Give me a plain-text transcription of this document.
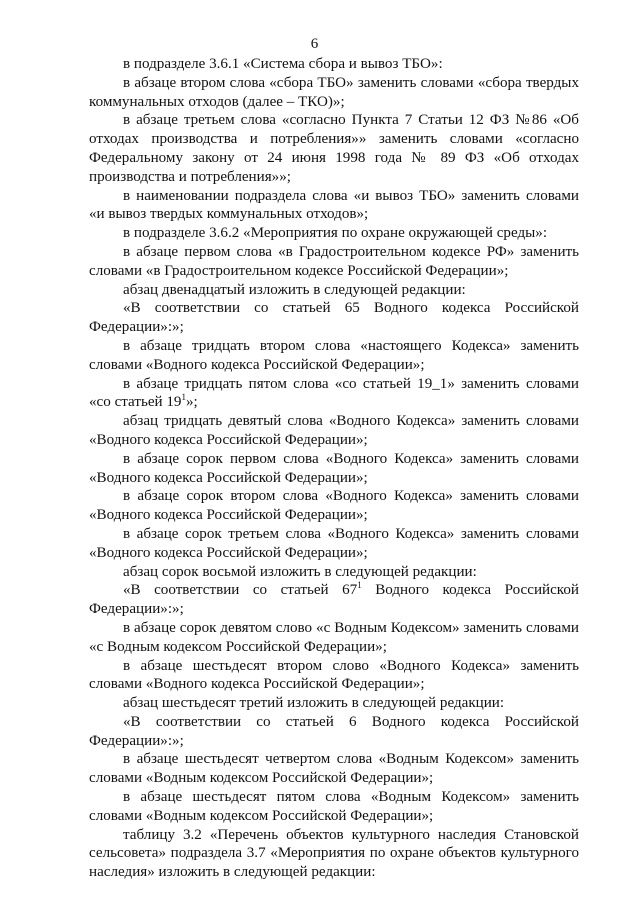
6

в подразделе 3.6.1 «Система сбора и вывоз ТБО»:

в абзаце втором слова «сбора ТБО» заменить словами «сбора твердых коммунальных отходов (далее – ТКО)»;

в абзаце третьем слова «согласно Пункта 7 Статьи 12 ФЗ №86 «Об отходах производства и потребления»» заменить словами «согласно Федеральному закону от 24 июня 1998 года № 89 ФЗ «Об отходах производства и потребления»»;

в наименовании подраздела слова «и вывоз ТБО» заменить словами «и вывоз твердых коммунальных отходов»;

в подразделе 3.6.2 «Мероприятия по охране окружающей среды»:

в абзаце первом слова «в Градостроительном кодексе РФ» заменить словами «в Градостроительном кодексе Российской Федерации»;

абзац двенадцатый изложить в следующей редакции:

«В соответствии со статьей 65 Водного кодекса Российской Федерации»:»;

в абзаце тридцать втором слова «настоящего Кодекса» заменить словами «Водного кодекса Российской Федерации»;

в абзаце тридцать пятом слова «со статьей 19_1» заменить словами «со статьей $19^1$»;

абзац тридцать девятый слова «Водного Кодекса» заменить словами «Водного кодекса Российской Федерации»;

в абзаце сорок первом слова «Водного Кодекса» заменить словами «Водного кодекса Российской Федерации»;

в абзаце сорок втором слова «Водного Кодекса» заменить словами «Водного кодекса Российской Федерации»;

в абзаце сорок третьем слова «Водного Кодекса» заменить словами «Водного кодекса Российской Федерации»;

абзац сорок восьмой изложить в следующей редакции:

«В соответствии со статьей $67^1$ Водного кодекса Российской Федерации»:»;

в абзаце сорок девятом слово «с Водным Кодексом» заменить словами «с Водным кодексом Российской Федерации»;

в абзаце шестьдесят втором слово «Водного Кодекса» заменить словами «Водного кодекса Российской Федерации»;

абзац шестьдесят третий изложить в следующей редакции:

«В соответствии со статьей 6 Водного кодекса Российской Федерации»:»;

в абзаце шестьдесят четвертом слова «Водным Кодексом» заменить словами «Водным кодексом Российской Федерации»;

в абзаце шестьдесят пятом слова «Водным Кодексом» заменить словами «Водным кодексом Российской Федерации»;

таблицу 3.2 «Перечень объектов культурного наследия Становской сельсовета» подраздела 3.7 «Мероприятия по охране объектов культурного наследия» изложить в следующей редакции:
